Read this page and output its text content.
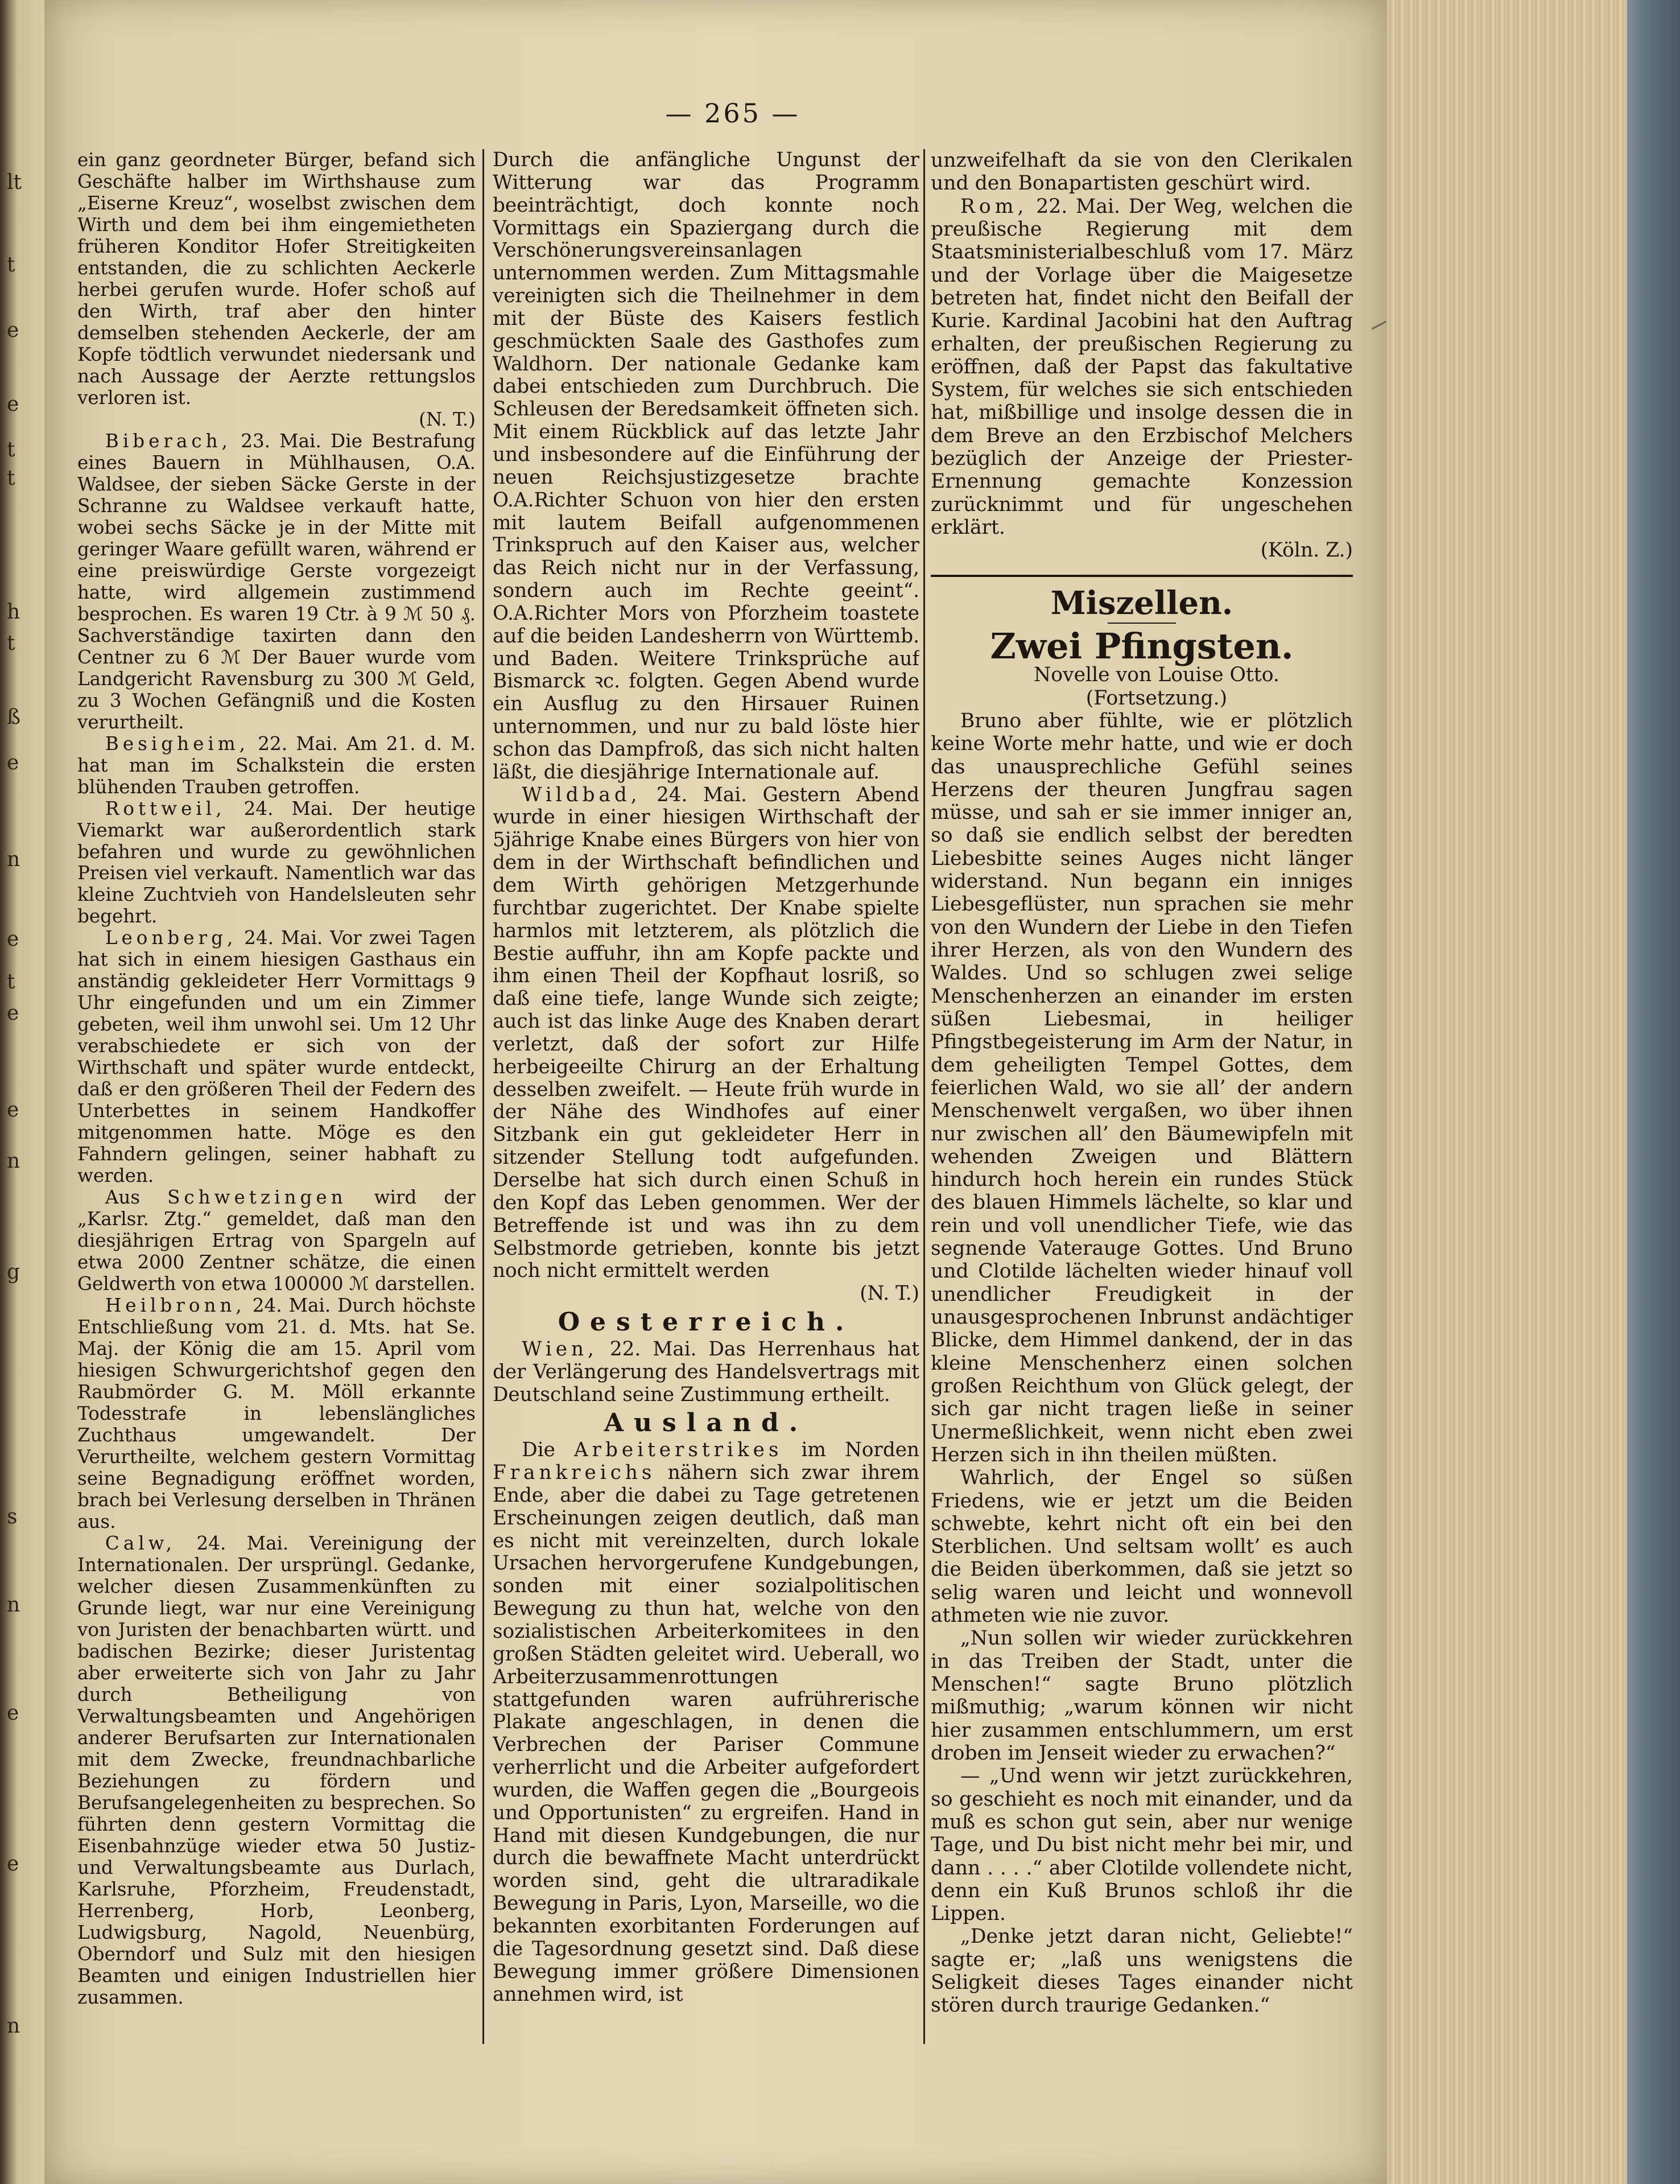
lt
t
e
e
t
t
h
t
ß
e
n
e
t
e
e
n
g
s
n
e
e
n
— 265 —

ein ganz geordneter Bürger, befand sich Geschäfte halber im Wirthshause zum „Eiserne Kreuz“, woselbst zwischen dem Wirth und dem bei ihm eingemietheten früheren Konditor Hofer Streitigkeiten entstanden, die zu schlichten Aeckerle herbei gerufen wurde. Hofer schoß auf den Wirth, traf aber den hinter demselben stehenden Aeckerle, der am Kopfe tödtlich verwundet niedersank und nach Aussage der Aerzte rettungslos verloren ist.
(N. T.)

Biberach, 23. Mai. Die Bestrafung eines Bauern in Mühlhausen, O.A. Waldsee, der sieben Säcke Gerste in der Schranne zu Waldsee verkauft hatte, wobei sechs Säcke je in der Mitte mit geringer Waare gefüllt waren, während er eine preiswürdige Gerste vorgezeigt hatte, wird allgemein zustimmend besprochen. Es waren 19 Ctr. à 9 ℳ 50 ₰. Sachverständige taxirten dann den Centner zu 6 ℳ Der Bauer wurde vom Landgericht Ravensburg zu 300 ℳ Geld, zu 3 Wochen Gefängniß und die Kosten verurtheilt.

Besigheim, 22. Mai. Am 21. d. M. hat man im Schalkstein die ersten blühenden Trauben getroffen.

Rottweil, 24. Mai. Der heutige Viemarkt war außerordentlich stark befahren und wurde zu gewöhnlichen Preisen viel verkauft. Namentlich war das kleine Zuchtvieh von Handelsleuten sehr begehrt.

Leonberg, 24. Mai. Vor zwei Tagen hat sich in einem hiesigen Gasthaus ein anständig gekleideter Herr Vormittags 9 Uhr eingefunden und um ein Zimmer gebeten, weil ihm unwohl sei. Um 12 Uhr verabschiedete er sich von der Wirthschaft und später wurde entdeckt, daß er den größeren Theil der Federn des Unterbettes in seinem Handkoffer mitgenommen hatte. Möge es den Fahndern gelingen, seiner habhaft zu werden.

Aus Schwetzingen wird der „Karlsr. Ztg.“ gemeldet, daß man den diesjährigen Ertrag von Spargeln auf etwa 2000 Zentner schätze, die einen Geldwerth von etwa 100000 ℳ darstellen.

Heilbronn, 24. Mai. Durch höchste Entschließung vom 21. d. Mts. hat Se. Maj. der König die am 15. April vom hiesigen Schwurgerichtshof gegen den Raubmörder G. M. Möll erkannte Todesstrafe in lebenslängliches Zuchthaus umgewandelt. Der Verurtheilte, welchem gestern Vormittag seine Begnadigung eröffnet worden, brach bei Verlesung derselben in Thränen aus.

Calw, 24. Mai. Vereinigung der Internationalen. Der ursprüngl. Gedanke, welcher diesen Zusammenkünften zu Grunde liegt, war nur eine Vereinigung von Juristen der benachbarten württ. und badischen Bezirke; dieser Juristentag aber erweiterte sich von Jahr zu Jahr durch Betheiligung von Verwaltungsbeamten und Angehörigen anderer Berufsarten zur Internationalen mit dem Zwecke, freundnachbarliche Beziehungen zu fördern und Berufsangelegenheiten zu besprechen. So führten denn gestern Vormittag die Eisenbahnzüge wieder etwa 50 Justiz- und Verwaltungsbeamte aus Durlach, Karlsruhe, Pforzheim, Freudenstadt, Herrenberg, Horb, Leonberg, Ludwigsburg, Nagold, Neuenbürg, Oberndorf und Sulz mit den hiesigen Beamten und einigen Industriellen hier zusammen.

Durch die anfängliche Ungunst der Witterung war das Programm beeinträchtigt, doch konnte noch Vormittags ein Spaziergang durch die Verschönerungsvereinsanlagen unternommen werden. Zum Mittagsmahle vereinigten sich die Theilnehmer in dem mit der Büste des Kaisers festlich geschmückten Saale des Gasthofes zum Waldhorn. Der nationale Gedanke kam dabei entschieden zum Durchbruch. Die Schleusen der Beredsamkeit öffneten sich. Mit einem Rückblick auf das letzte Jahr und insbesondere auf die Einführung der neuen Reichsjustizgesetze brachte O.A.Richter Schuon von hier den ersten mit lautem Beifall aufgenommenen Trinkspruch auf den Kaiser aus, welcher das Reich nicht nur in der Verfassung, sondern auch im Rechte geeint“. O.A.Richter Mors von Pforzheim toastete auf die beiden Landesherrn von Württemb. und Baden. Weitere Trinksprüche auf Bismarck ꝛc. folgten. Gegen Abend wurde ein Ausflug zu den Hirsauer Ruinen unternommen, und nur zu bald löste hier schon das Dampfroß, das sich nicht halten läßt, die diesjährige Internationale auf.

Wildbad, 24. Mai. Gestern Abend wurde in einer hiesigen Wirthschaft der 5jährige Knabe eines Bürgers von hier von dem in der Wirthschaft befindlichen und dem Wirth gehörigen Metzgerhunde furchtbar zugerichtet. Der Knabe spielte harmlos mit letzterem, als plötzlich die Bestie auffuhr, ihn am Kopfe packte und ihm einen Theil der Kopfhaut losriß, so daß eine tiefe, lange Wunde sich zeigte; auch ist das linke Auge des Knaben derart verletzt, daß der sofort zur Hilfe herbeigeeilte Chirurg an der Erhaltung desselben zweifelt. — Heute früh wurde in der Nähe des Windhofes auf einer Sitzbank ein gut gekleideter Herr in sitzender Stellung todt aufgefunden. Derselbe hat sich durch einen Schuß in den Kopf das Leben genommen. Wer der Betreffende ist und was ihn zu dem Selbstmorde getrieben, konnte bis jetzt noch nicht ermittelt werden
(N. T.)

Oesterreich.

Wien, 22. Mai. Das Herrenhaus hat der Verlängerung des Handelsvertrags mit Deutschland seine Zustimmung ertheilt.

Ausland.

Die Arbeiterstrikes im Norden Frankreichs nähern sich zwar ihrem Ende, aber die dabei zu Tage getretenen Erscheinungen zeigen deutlich, daß man es nicht mit vereinzelten, durch lokale Ursachen hervorgerufene Kundgebungen, sonden mit einer sozialpolitischen Bewegung zu thun hat, welche von den sozialistischen Arbeiterkomitees in den großen Städten geleitet wird. Ueberall, wo Arbeiterzusammenrottungen stattgefunden waren aufrührerische Plakate angeschlagen, in denen die Verbrechen der Pariser Commune verherrlicht und die Arbeiter aufgefordert wurden, die Waffen gegen die „Bourgeois und Opportunisten“ zu ergreifen. Hand in Hand mit diesen Kundgebungen, die nur durch die bewaffnete Macht unterdrückt worden sind, geht die ultraradikale Bewegung in Paris, Lyon, Marseille, wo die bekannten exorbitanten Forderungen auf die Tagesordnung gesetzt sind. Daß diese Bewegung immer größere Dimensionen annehmen wird, ist

unzweifelhaft da sie von den Clerikalen und den Bonapartisten geschürt wird.

Rom, 22. Mai. Der Weg, welchen die preußische Regierung mit dem Staatsministerialbeschluß vom 17. März und der Vorlage über die Maigesetze betreten hat, findet nicht den Beifall der Kurie. Kardinal Jacobini hat den Auftrag erhalten, der preußischen Regierung zu eröffnen, daß der Papst das fakultative System, für welches sie sich entschieden hat, mißbillige und insolge dessen die in dem Breve an den Erzbischof Melchers bezüglich der Anzeige der Priester-Ernennung gemachte Konzession zurücknimmt und für ungeschehen erklärt.
(Köln. Z.)

Miszellen.
Zwei Pfingsten.

Novelle von Louise Otto.

(Fortsetzung.)

Bruno aber fühlte, wie er plötzlich keine Worte mehr hatte, und wie er doch das unausprechliche Gefühl seines Herzens der theuren Jungfrau sagen müsse, und sah er sie immer inniger an, so daß sie endlich selbst der beredten Liebesbitte seines Auges nicht länger widerstand. Nun begann ein inniges Liebesgeflüster, nun sprachen sie mehr von den Wundern der Liebe in den Tiefen ihrer Herzen, als von den Wundern des Waldes. Und so schlugen zwei selige Menschenherzen an einander im ersten süßen Liebesmai, in heiliger Pfingstbegeisterung im Arm der Natur, in dem geheiligten Tempel Gottes, dem feierlichen Wald, wo sie all’ der andern Menschenwelt vergaßen, wo über ihnen nur zwischen all’ den Bäumewipfeln mit wehenden Zweigen und Blättern hindurch hoch herein ein rundes Stück des blauen Himmels lächelte, so klar und rein und voll unendlicher Tiefe, wie das segnende Vaterauge Gottes. Und Bruno und Clotilde lächelten wieder hinauf voll unendlicher Freudigkeit in der unausgesprochenen Inbrunst andächtiger Blicke, dem Himmel dankend, der in das kleine Menschenherz einen solchen großen Reichthum von Glück gelegt, der sich gar nicht tragen ließe in seiner Unermeßlichkeit, wenn nicht eben zwei Herzen sich in ihn theilen müßten.

Wahrlich, der Engel so süßen Friedens, wie er jetzt um die Beiden schwebte, kehrt nicht oft ein bei den Sterblichen. Und seltsam wollt’ es auch die Beiden überkommen, daß sie jetzt so selig waren und leicht und wonnevoll athmeten wie nie zuvor.

„Nun sollen wir wieder zurückkehren in das Treiben der Stadt, unter die Menschen!“ sagte Bruno plötzlich mißmuthig; „warum können wir nicht hier zusammen entschlummern, um erst droben im Jenseit wieder zu erwachen?“

— „Und wenn wir jetzt zurückkehren, so geschieht es noch mit einander, und da muß es schon gut sein, aber nur wenige Tage, und Du bist nicht mehr bei mir, und dann . . . .“ aber Clotilde vollendete nicht, denn ein Kuß Brunos schloß ihr die Lippen.

„Denke jetzt daran nicht, Geliebte!“ sagte er; „laß uns wenigstens die Seligkeit dieses Tages einander nicht stören durch traurige Gedanken.“
